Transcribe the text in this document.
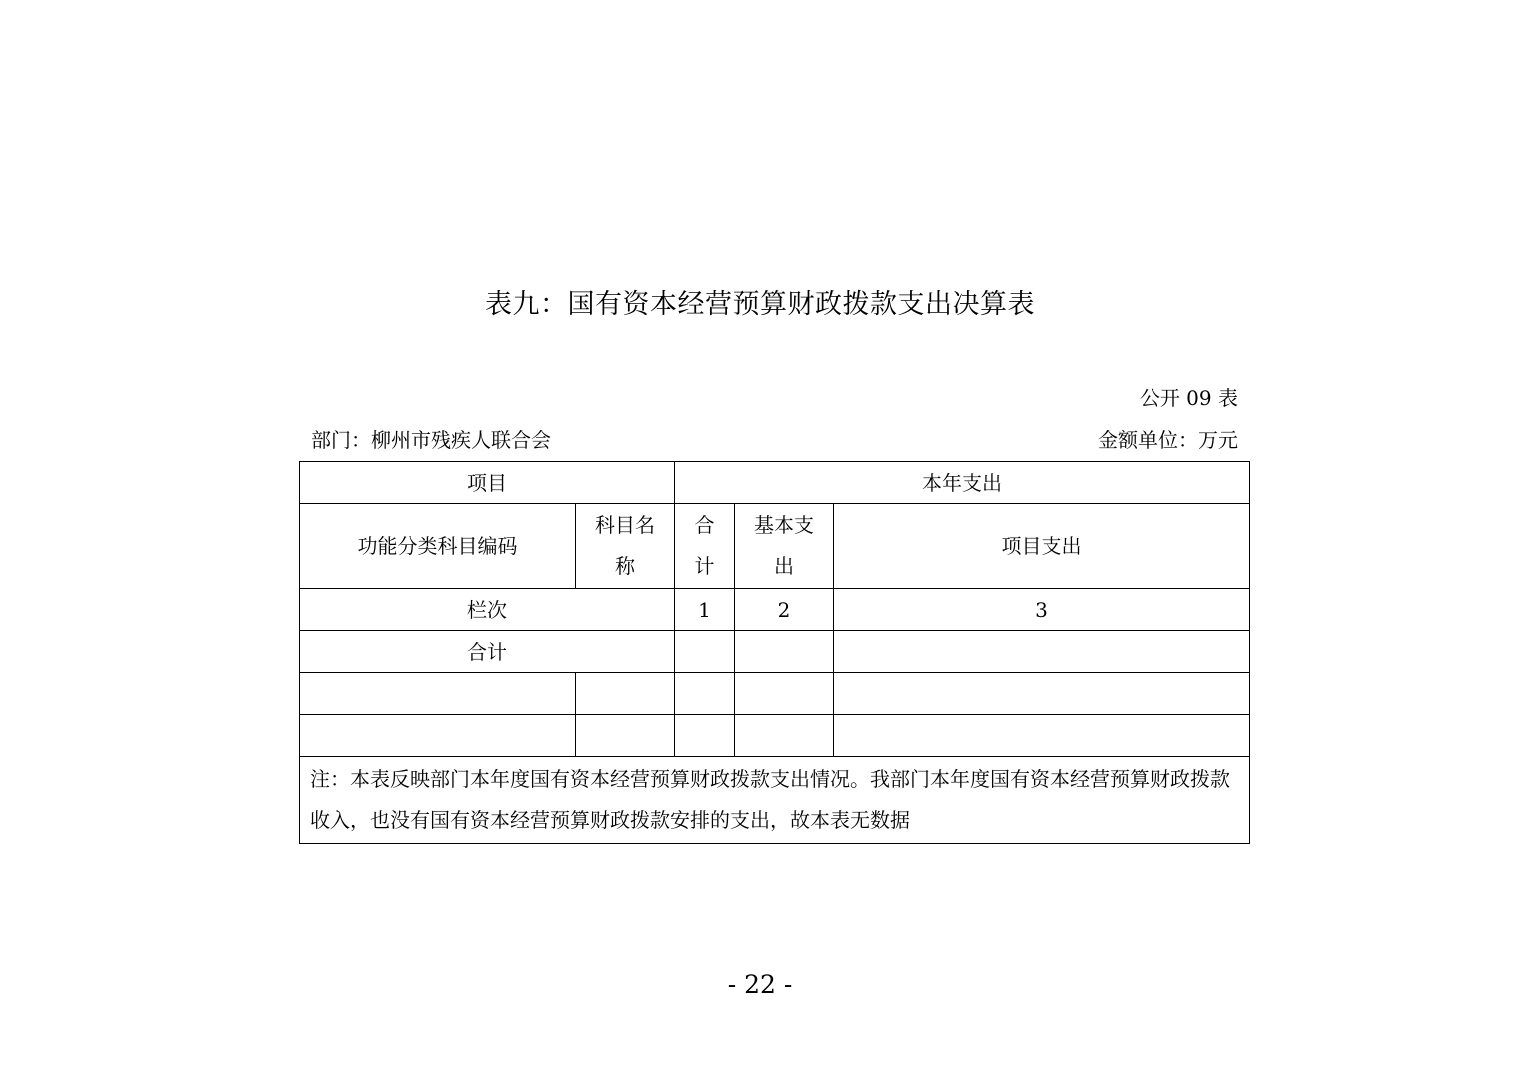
表九：国有资本经营预算财政拨款支出决算表
公开 09 表
部门：柳州市残疾人联合会	金额单位：万元
项目		本年支出		
功能分类科目编码	科目名称	合计	基本支出	项目支出
栏次		1	2	3
合计				

注：本表反映部门本年度国有资本经营预算财政拨款支出情况。我部门本年度国有资本经营预算财政拨款收入，也没有国有资本经营预算财政拨款安排的支出，故本表无数据				
- 22 -
